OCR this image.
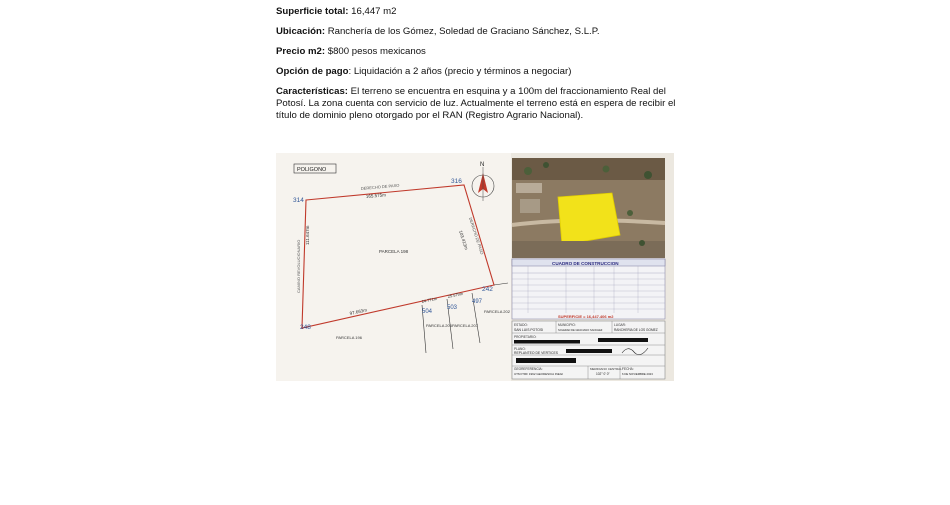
Superficie total: 16,447 m2
Ubicación: Ranchería de los Gómez, Soledad de Graciano Sánchez, S.L.P.
Precio m2: $800 pesos mexicanos
Opción de pago: Liquidación a 2 años (precio y términos a negociar)

Características: El terreno se encuentra en esquina y a 100m del fraccionamiento Real del Potosí. La zona cuenta con servicio de luz. Actualmente el terreno está en espera de recibir el título de dominio pleno otorgado por el RAN (Registro Agrario Nacional).

POLIGONO
N
314
316
242
248
497
503
504
165.575m
DERECHO DE PASO
103.413m DERECHO DE PASO
111.647m
CAMINO REVOLUCIONARIO
97.663m
24.771m
25.579m
PARCELA 198
PARCELA 196
PARCELA 206 PARCELA 207
PARCELA 202
CUADRO DE CONSTRUCCION
SUPERFICIE = 16,447.406 m2
ESTADO:
SAN LUIS POTOSI
MUNICIPIO:
SOLEDAD DE GRACIANO SANCHEZ
LUGAR:
RANCHERIA DE LOS GOMEZ
PROPIETARIO:
PLANO:
REPLANTEO DE VERTICES
GEOREFERENCIA:
UTM ITRF 1992 GEODESICA INEGI
MERIDIANO CENTRAL:
102° 0' 0"
FECHA:
6 DE NOVIEMBRE 2023
